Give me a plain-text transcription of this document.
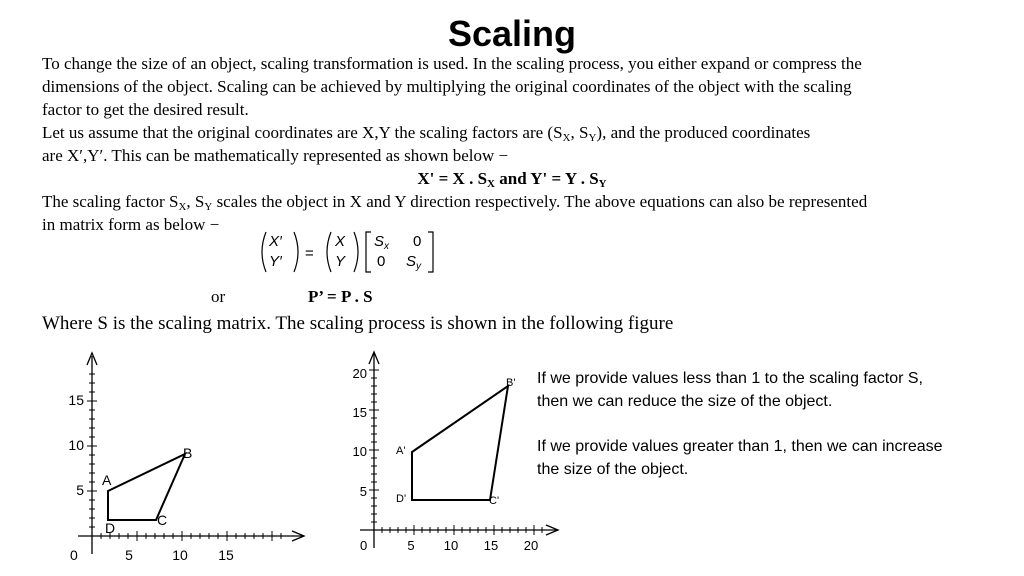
Scaling
To change the size of an object, scaling transformation is used. In the scaling process, you either expand or compress the
dimensions of the object. Scaling can be achieved by multiplying the original coordinates of the object with the scaling
factor to get the desired result.
Let us assume that the original coordinates are X,Y the scaling factors are ($S_X$, $S_Y$), and the produced coordinates
are X′,Y′. This can be mathematically represented as shown below −
X' = X . $S_X$ and Y' = Y . $S_Y$
The scaling factor $S_X$, $S_Y$ scales the object in X and Y direction respectively. The above equations can also be represented
in matrix form as below −
X′
Y′ =
X
Y
S x 0
0 S y
or	P’ = P . S
Where S is the scaling matrix. The scaling process is shown in the following figure
0	5	10 15
5
10
15
A
B
C
D
0	5 10 15 20
5
10
15
20
A'
B'
C'
D'
If we provide values less than 1 to the scaling factor S,
then we can reduce the size of the object.
If we provide values greater than 1, then we can increase
the size of the object.
